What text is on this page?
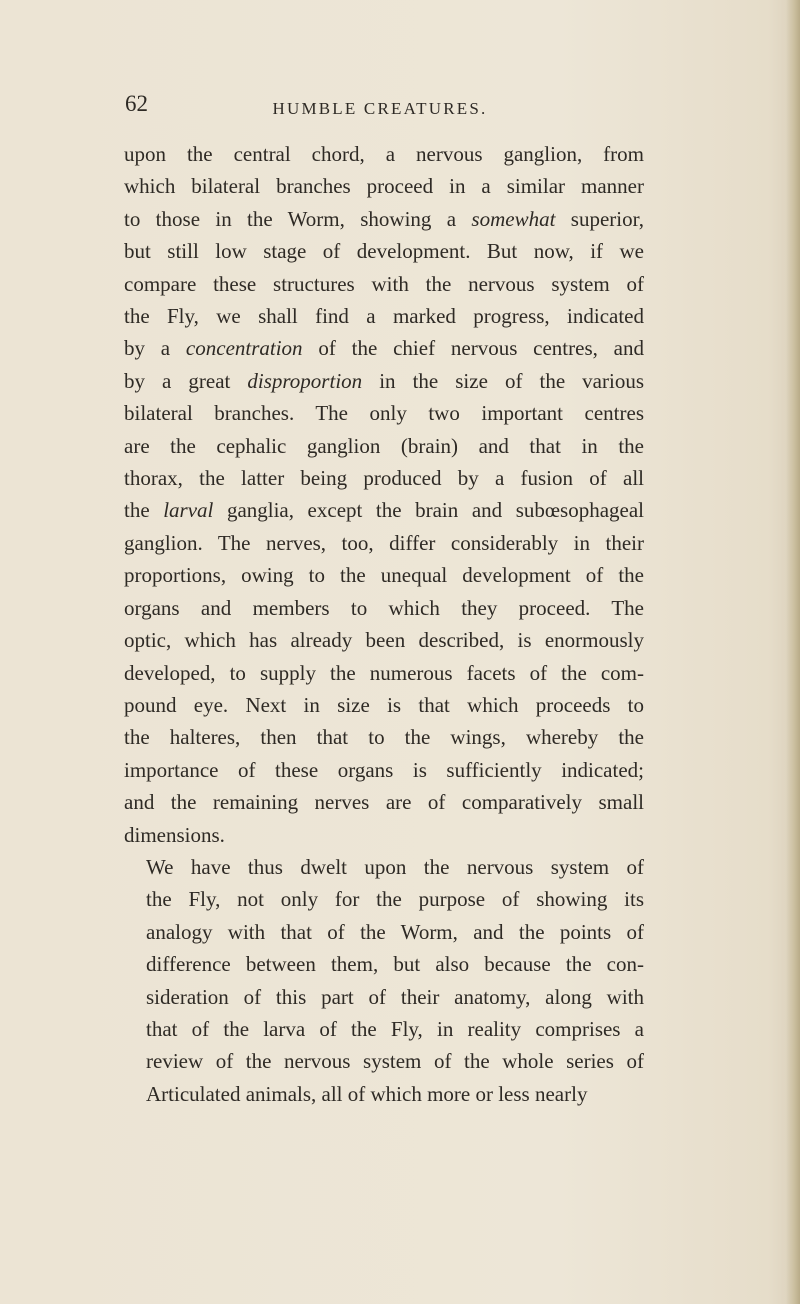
62	HUMBLE CREATURES.
upon the central chord, a nervous ganglion, from
which bilateral branches proceed in a similar manner
to those in the Worm, showing a somewhat superior,
but still low stage of development. But now, if we
compare these structures with the nervous system of
the Fly, we shall find a marked progress, indicated
by a concentration of the chief nervous centres, and
by a great disproportion in the size of the various
bilateral branches. The only two important centres
are the cephalic ganglion (brain) and that in the
thorax, the latter being produced by a fusion of all
the larval ganglia, except the brain and subœsophageal
ganglion. The nerves, too, differ considerably in their
proportions, owing to the unequal development of the
organs and members to which they proceed. The
optic, which has already been described, is enormously
developed, to supply the numerous facets of the com-
pound eye. Next in size is that which proceeds to
the halteres, then that to the wings, whereby the
importance of these organs is sufficiently indicated;
and the remaining nerves are of comparatively small
dimensions.
We have thus dwelt upon the nervous system of
the Fly, not only for the purpose of showing its
analogy with that of the Worm, and the points of
difference between them, but also because the con-
sideration of this part of their anatomy, along with
that of the larva of the Fly, in reality comprises a
review of the nervous system of the whole series of
Articulated animals, all of which more or less nearly
